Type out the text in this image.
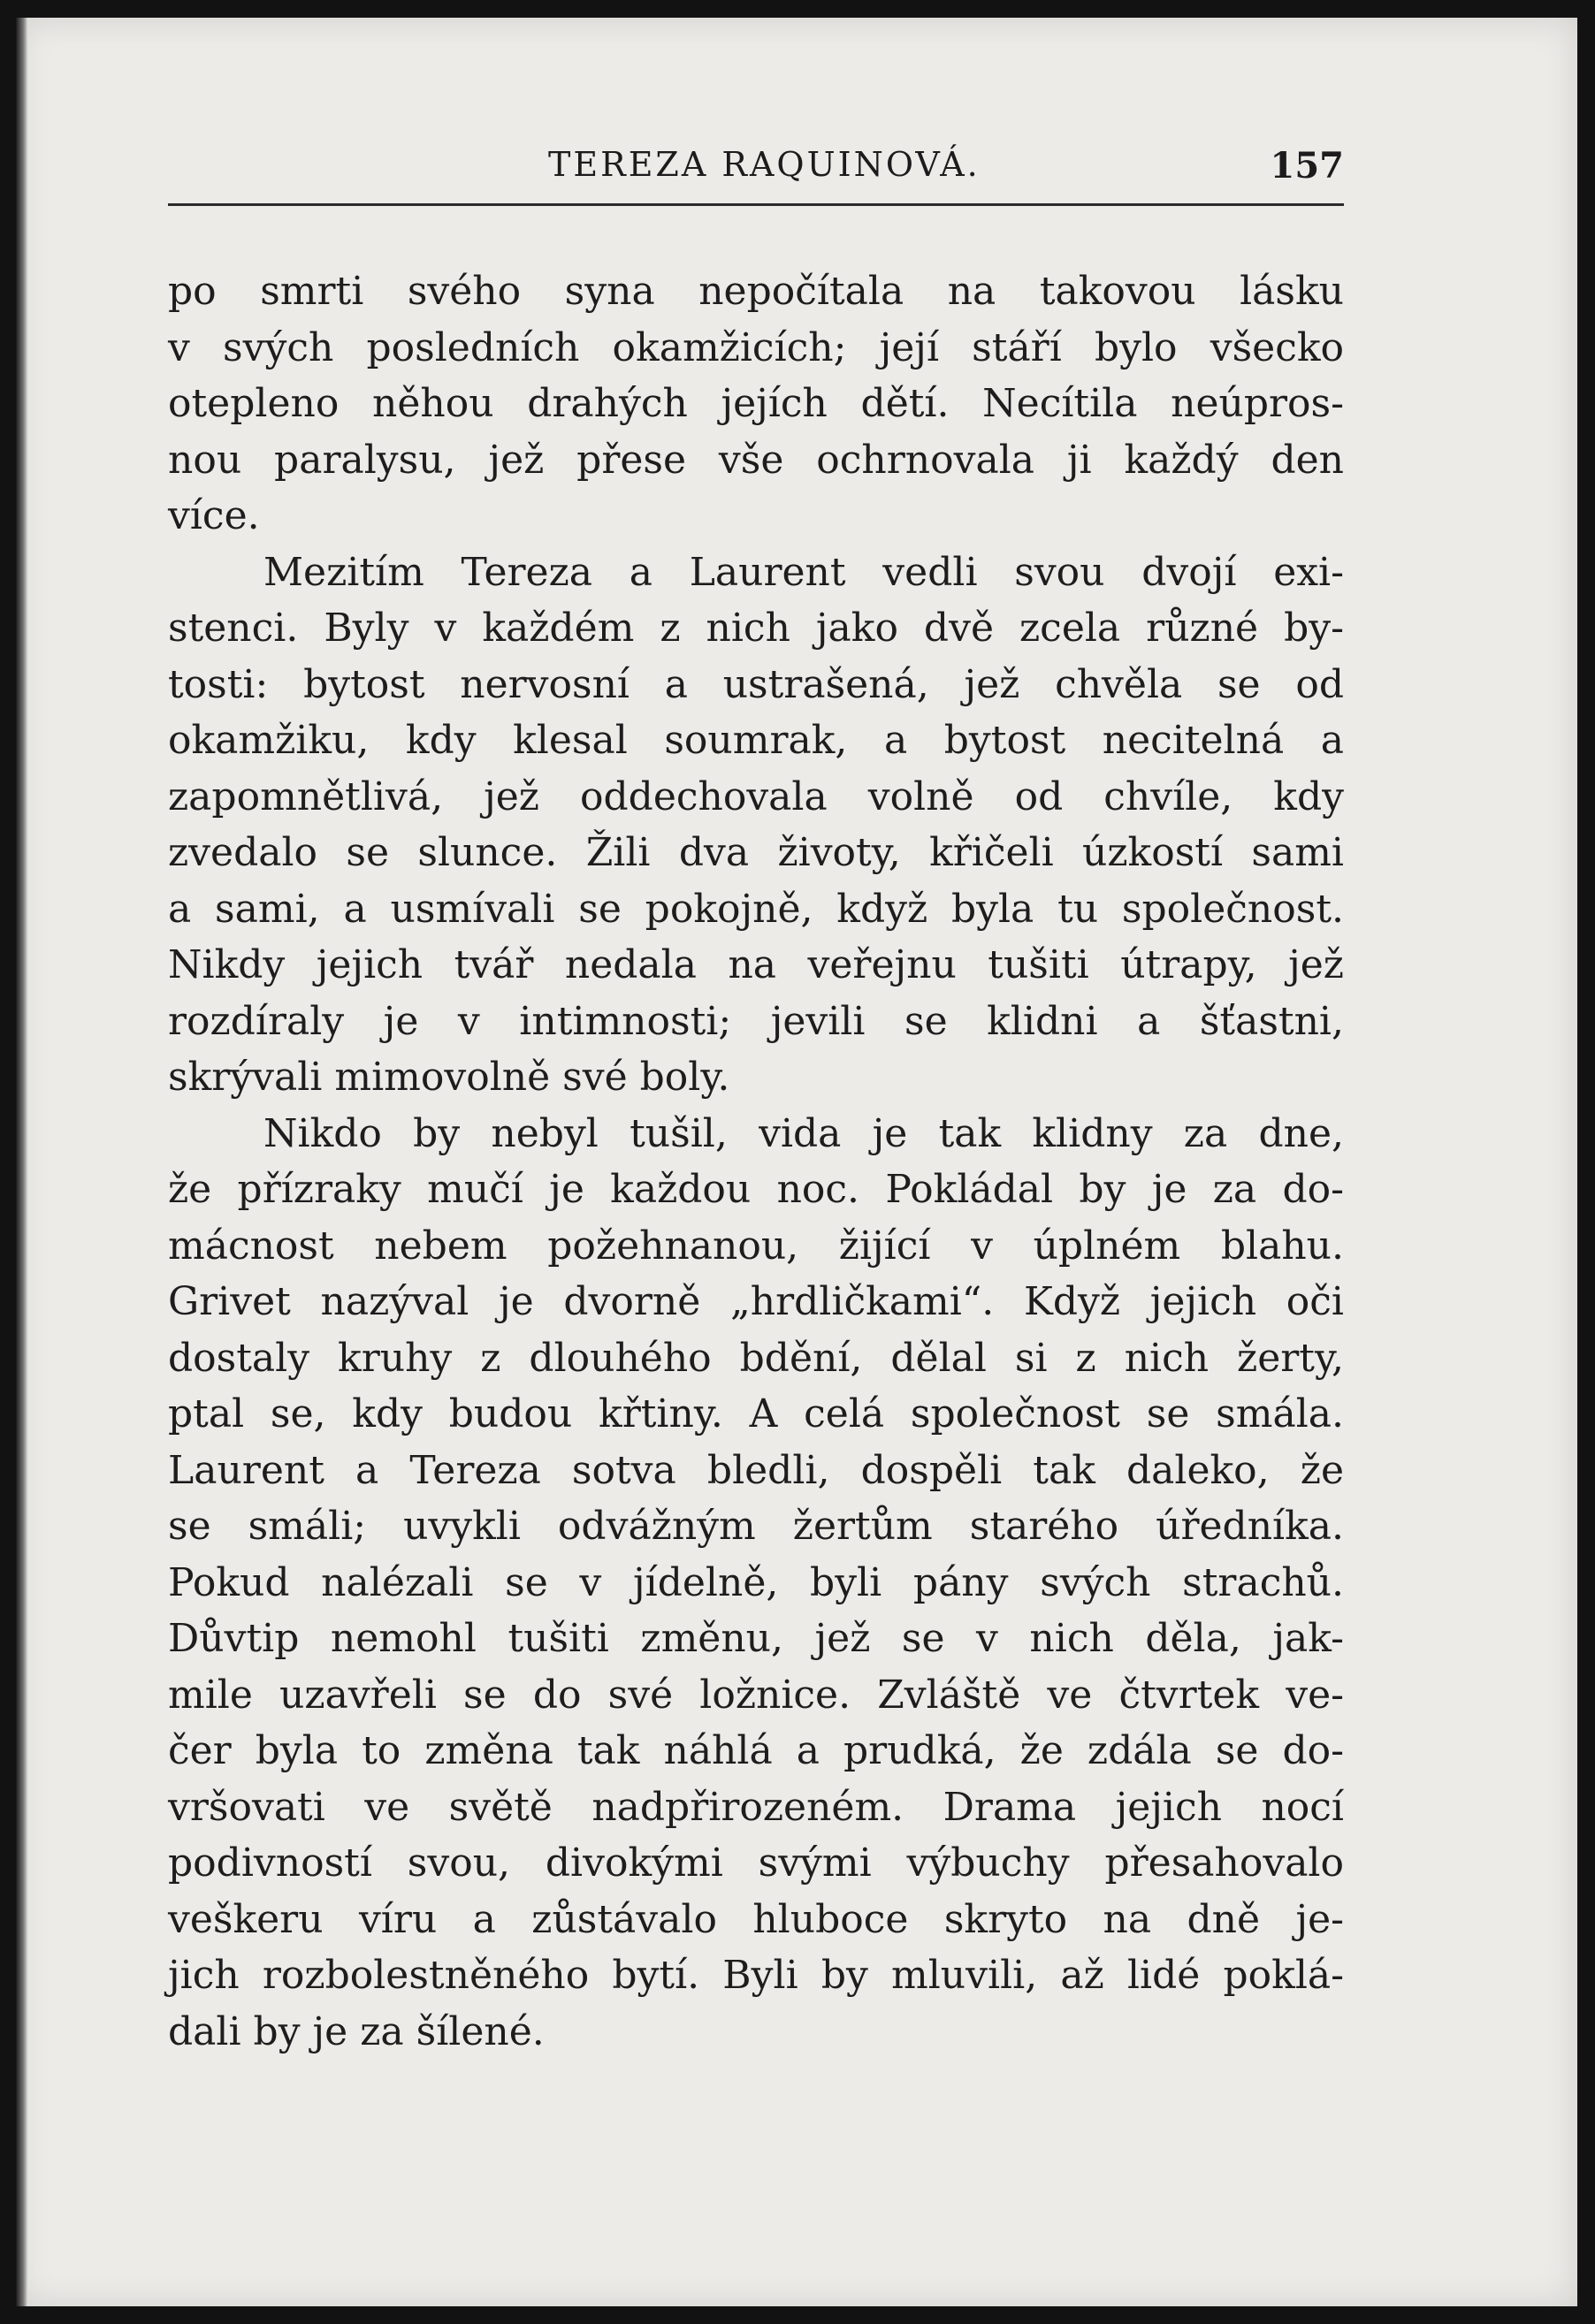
TEREZA RAQUINOVÁ.	157
po smrti svého syna nepočítala na takovou lásku
v svých posledních okamžicích; její stáří bylo všecko
otepleno něhou drahých jejích dětí. Necítila neúpros-
nou paralysu, jež přese vše ochrnovala ji každý den
více.
Mezitím Tereza a Laurent vedli svou dvojí exi-
stenci. Byly v každém z nich jako dvě zcela různé by-
tosti: bytost nervosní a ustrašená, jež chvěla se od
okamžiku, kdy klesal soumrak, a bytost necitelná a
zapomnětlivá, jež oddechovala volně od chvíle, kdy
zvedalo se slunce. Žili dva životy, křičeli úzkostí sami
a sami, a usmívali se pokojně, když byla tu společnost.
Nikdy jejich tvář nedala na veřejnu tušiti útrapy, jež
rozdíraly je v intimnosti; jevili se klidni a šťastni,
skrývali mimovolně své boly.
Nikdo by nebyl tušil, vida je tak klidny za dne,
že přízraky mučí je každou noc. Pokládal by je za do-
mácnost nebem požehnanou, žijící v úplném blahu.
Grivet nazýval je dvorně „hrdličkami“. Když jejich oči
dostaly kruhy z dlouhého bdění, dělal si z nich žerty,
ptal se, kdy budou křtiny. A celá společnost se smála.
Laurent a Tereza sotva bledli, dospěli tak daleko, že
se smáli; uvykli odvážným žertům starého úředníka.
Pokud nalézali se v jídelně, byli pány svých strachů.
Důvtip nemohl tušiti změnu, jež se v nich děla, jak-
mile uzavřeli se do své ložnice. Zvláště ve čtvrtek ve-
čer byla to změna tak náhlá a prudká, že zdála se do-
vršovati ve světě nadpřirozeném. Drama jejich nocí
podivností svou, divokými svými výbuchy přesahovalo
veškeru víru a zůstávalo hluboce skryto na dně je-
jich rozbolestněného bytí. Byli by mluvili, až lidé poklá-
dali by je za šílené.
